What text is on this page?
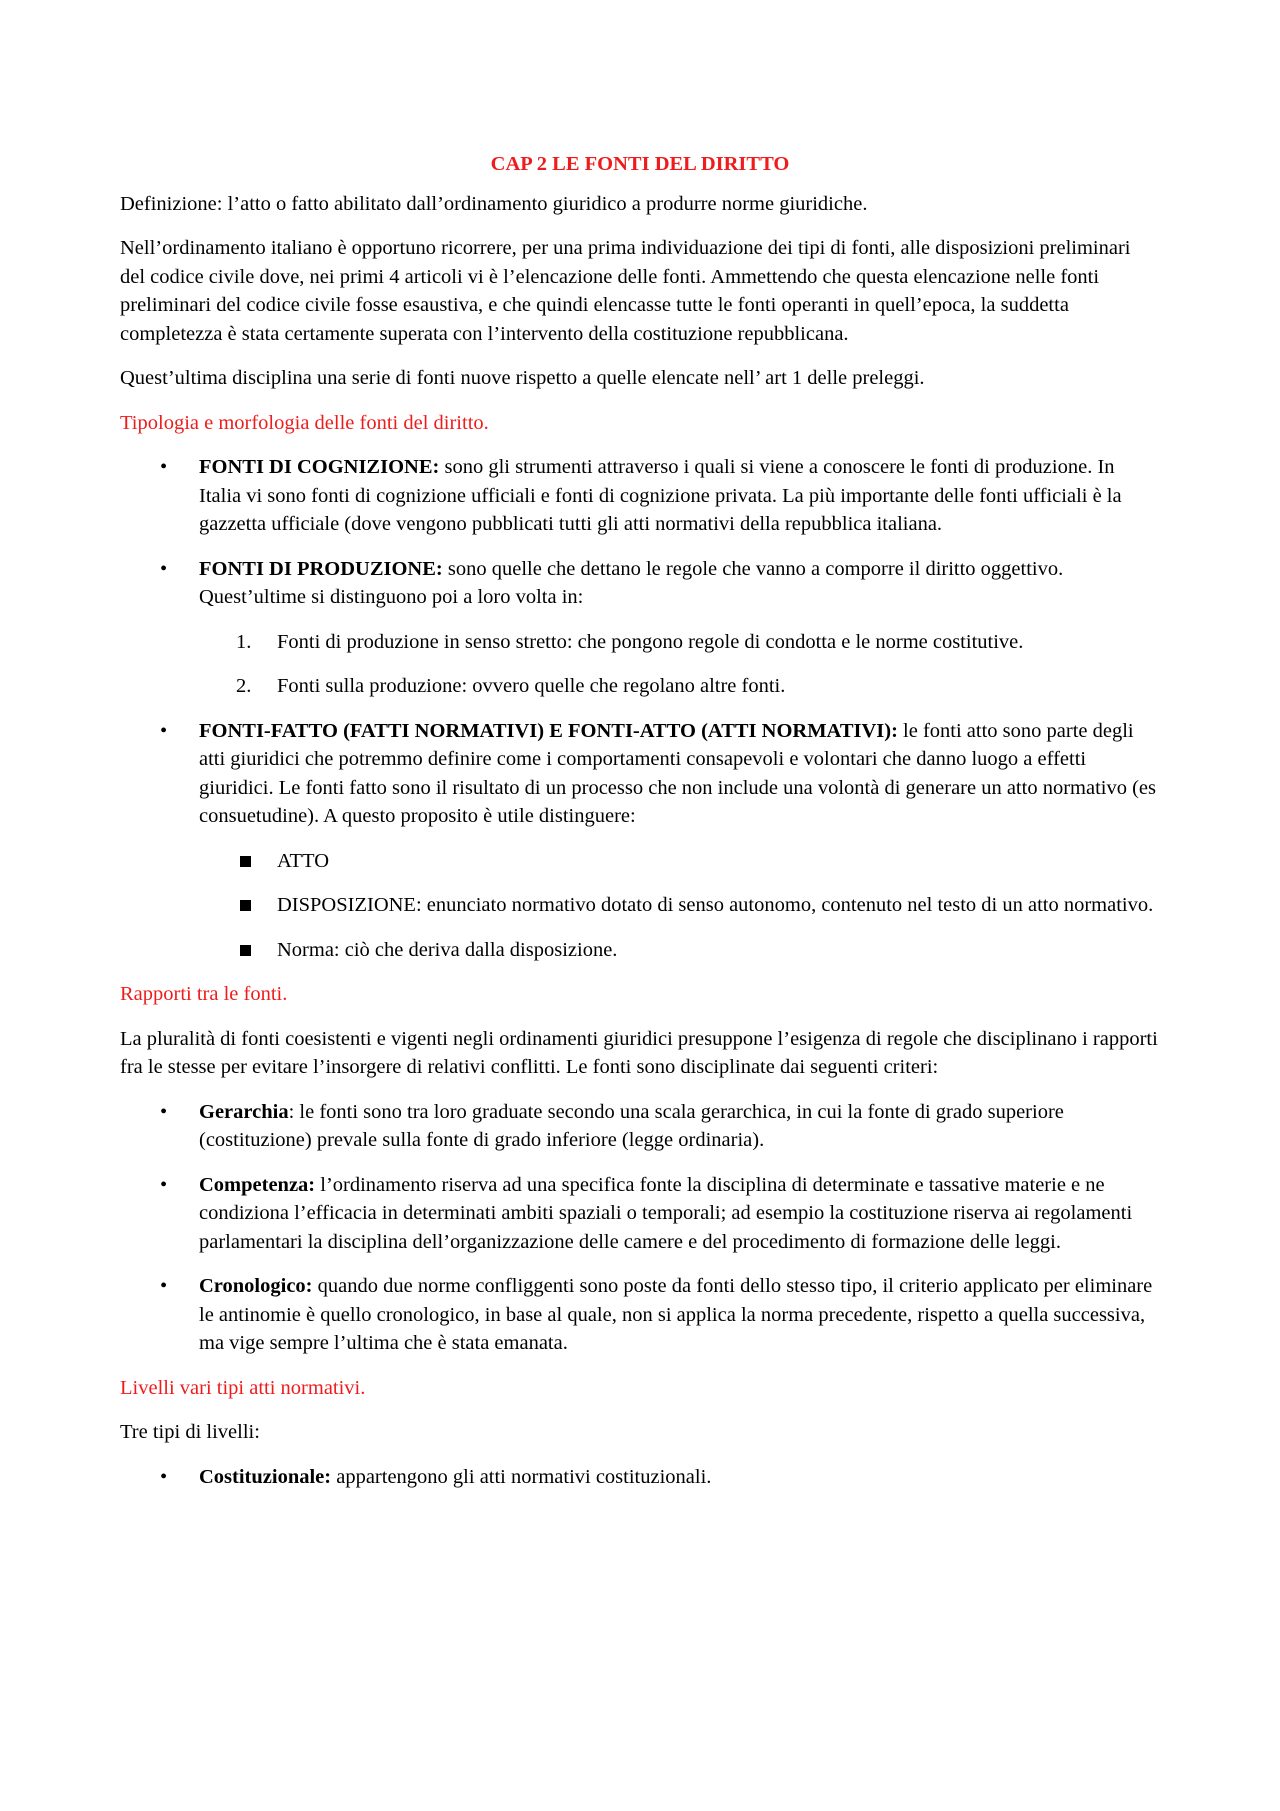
CAP 2 LE FONTI DEL DIRITTO

Definizione: l’atto o fatto abilitato dall’ordinamento giuridico a produrre norme giuridiche.

Nell’ordinamento italiano è opportuno ricorrere, per una prima individuazione dei tipi di fonti, alle disposizioni preliminari del codice civile dove, nei primi 4 articoli vi è l’elencazione delle fonti. Ammettendo che questa elencazione nelle fonti preliminari del codice civile fosse esaustiva, e che quindi elencasse tutte le fonti operanti in quell’epoca, la suddetta completezza è stata certamente superata con l’intervento della costituzione repubblicana.

Quest’ultima disciplina una serie di fonti nuove rispetto a quelle elencate nell’ art 1 delle preleggi.

Tipologia e morfologia delle fonti del diritto.

• FONTI DI COGNIZIONE: sono gli strumenti attraverso i quali si viene a conoscere le fonti di produzione. In Italia vi sono fonti di cognizione ufficiali e fonti di cognizione privata. La più importante delle fonti ufficiali è la gazzetta ufficiale (dove vengono pubblicati tutti gli atti normativi della repubblica italiana.
• FONTI DI PRODUZIONE: sono quelle che dettano le regole che vanno a comporre il diritto oggettivo. Quest’ultime si distinguono poi a loro volta in:
1. Fonti di produzione in senso stretto: che pongono regole di condotta e le norme costitutive.
2. Fonti sulla produzione: ovvero quelle che regolano altre fonti.
• FONTI-FATTO (FATTI NORMATIVI) E FONTI-ATTO (ATTI NORMATIVI): le fonti atto sono parte degli atti giuridici che potremmo definire come i comportamenti consapevoli e volontari che danno luogo a effetti giuridici. Le fonti fatto sono il risultato di un processo che non include una volontà di generare un atto normativo (es consuetudine). A questo proposito è utile distinguere:
ATTO
DISPOSIZIONE: enunciato normativo dotato di senso autonomo, contenuto nel testo di un atto normativo.
Norma: ciò che deriva dalla disposizione.

Rapporti tra le fonti.

La pluralità di fonti coesistenti e vigenti negli ordinamenti giuridici presuppone l’esigenza di regole che disciplinano i rapporti fra le stesse per evitare l’insorgere di relativi conflitti. Le fonti sono disciplinate dai seguenti criteri:

• Gerarchia: le fonti sono tra loro graduate secondo una scala gerarchica, in cui la fonte di grado superiore (costituzione) prevale sulla fonte di grado inferiore (legge ordinaria).
• Competenza: l’ordinamento riserva ad una specifica fonte la disciplina di determinate e tassative materie e ne condiziona l’efficacia in determinati ambiti spaziali o temporali; ad esempio la costituzione riserva ai regolamenti parlamentari la disciplina dell’organizzazione delle camere e del procedimento di formazione delle leggi.
• Cronologico: quando due norme confliggenti sono poste da fonti dello stesso tipo, il criterio applicato per eliminare le antinomie è quello cronologico, in base al quale, non si applica la norma precedente, rispetto a quella successiva, ma vige sempre l’ultima che è stata emanata.

Livelli vari tipi atti normativi.

Tre tipi di livelli:

• Costituzionale: appartengono gli atti normativi costituzionali.
